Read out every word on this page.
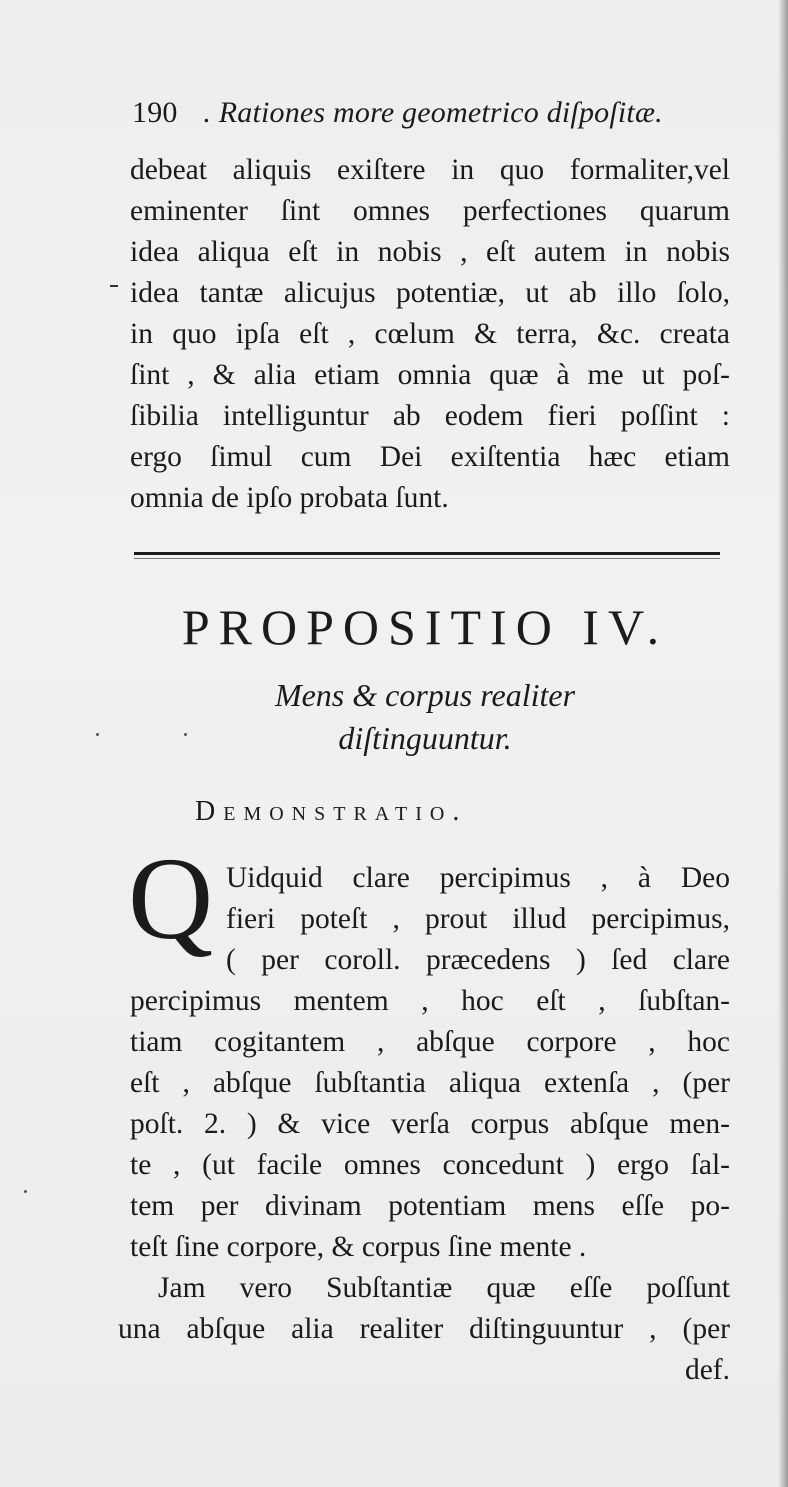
190 . Rationes more geometrico diſpoſitæ.
debeat aliquis exiſtere in quo formaliter,vel
eminenter ſint omnes perfectiones quarum
idea aliqua eſt in nobis , eſt autem in nobis
idea tantæ alicujus potentiæ, ut ab illo ſolo,
in quo ipſa eſt , cœlum & terra, &c. creata
ſint , & alia etiam omnia quæ à me ut poſ-
ſibilia intelliguntur ab eodem fieri poſſint :
ergo ſimul cum Dei exiſtentia hæc etiam
omnia de ipſo probata ſunt.
PROPOSITIO IV.
Mens & corpus realiter
diſtinguuntur.
Demonstratio.
Q Uidquid clare percipimus , à Deo
fieri poteſt , prout illud percipimus,
( per coroll. præcedens ) ſed clare
percipimus mentem , hoc eſt , ſubſtan-
tiam cogitantem , abſque corpore , hoc
eſt , abſque ſubſtantia aliqua extenſa , (per
poſt. 2. ) & vice verſa corpus abſque men-
te , (ut facile omnes concedunt ) ergo ſal-
tem per divinam potentiam mens eſſe po-
teſt ſine corpore, & corpus ſine mente .
Jam vero Subſtantiæ quæ eſſe poſſunt
una abſque alia realiter diſtinguuntur , (per
def.
